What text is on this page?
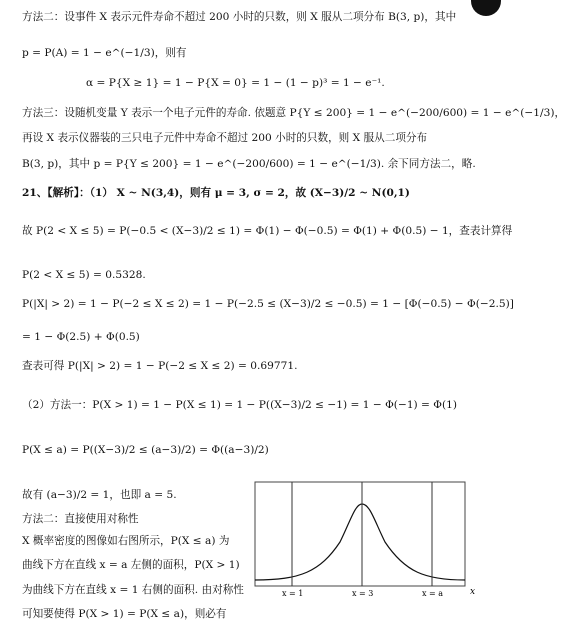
方法二：设事件 X 表示元件寿命不超过 200 小时的只数，则 X 服从二项分布 B(3, p)，其中
p = P(A) = 1 − e^(−1/3)，则有
α = P{X ≥ 1} = 1 − P{X = 0} = 1 − (1 − p)³ = 1 − e⁻¹.
方法三：设随机变量 Y 表示一个电子元件的寿命. 依题意 P{Y ≤ 200} = 1 − e^(−200/600) = 1 − e^(−1/3)，
再设 X 表示仪器装的三只电子元件中寿命不超过 200 小时的只数，则 X 服从二项分布
B(3, p)，其中 p = P{Y ≤ 200} = 1 − e^(−200/600) = 1 − e^(−1/3). 余下同方法二，略.
21、【解析】：（1） X ~ N(3,4)，则有 μ = 3, σ = 2，故 (X−3)/2 ~ N(0,1)
故 P(2 < X ≤ 5) = P(−0.5 < (X−3)/2 ≤ 1) = Φ(1) − Φ(−0.5) = Φ(1) + Φ(0.5) − 1，查表计算得
P(2 < X ≤ 5) = 0.5328.
P(|X| > 2) = 1 − P(−2 ≤ X ≤ 2) = 1 − P(−2.5 ≤ (X−3)/2 ≤ −0.5) = 1 − [Φ(−0.5) − Φ(−2.5)]
= 1 − Φ(2.5) + Φ(0.5)
查表可得 P(|X| > 2) = 1 − P(−2 ≤ X ≤ 2) = 0.69771.
（2）方法一：P(X > 1) = 1 − P(X ≤ 1) = 1 − P((X−3)/2 ≤ −1) = 1 − Φ(−1) = Φ(1)
P(X ≤ a) = P((X−3)/2 ≤ (a−3)/2) = Φ((a−3)/2)
故有 (a−3)/2 = 1，也即 a = 5.
方法二：直接使用对称性
X 概率密度的图像如右图所示，P(X ≤ a) 为
曲线下方在直线 x = a 左侧的面积，P(X > 1)
为曲线下方在直线 x = 1 右侧的面积. 由对称性
可知要使得 P(X > 1) = P(X ≤ a)，则必有
x = 1	x = 3	x = a	x
